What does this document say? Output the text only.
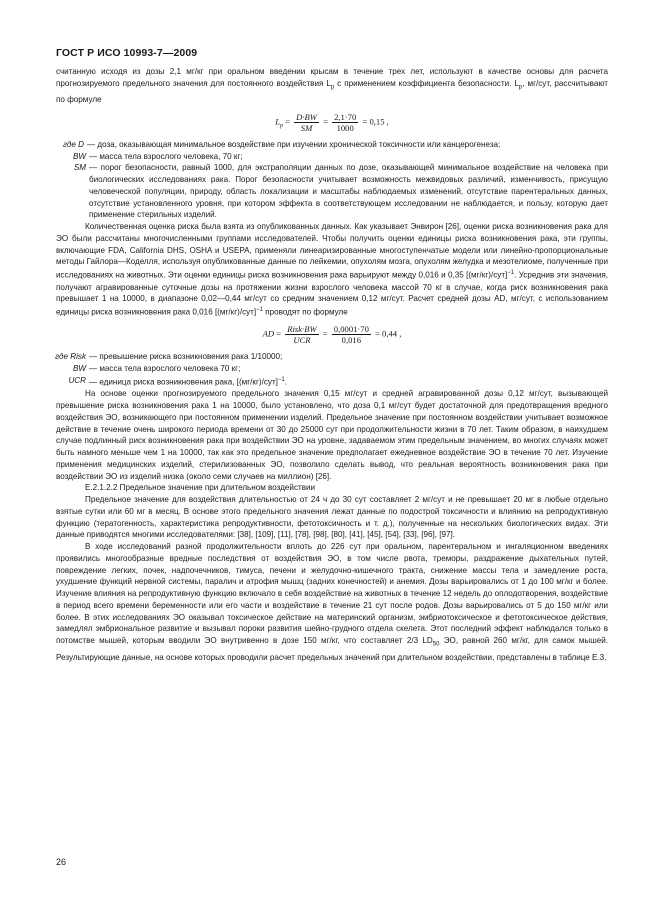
ГОСТ Р ИСО 10993-7—2009

считанную исходя из дозы 2,1 мг/кг при оральном введении крысам в течение трех лет, используют в качестве основы для расчета прогнозируемого предельного значения для постоянного воздействия $L_p$ с применением коэффициента безопасности. $L_p$, мг/сут, рассчитывают по формуле

$L_p = \frac{D\cdot BW}{SM} = \frac{2,1\cdot 70}{1000} = 0,15$ ,
где D — доза, оказывающая минимальное воздействие при изучении хронической токсичности или канцерогенеза;
BW — масса тела взрослого человека, 70 кг;
SM — порог безопасности, равный 1000, для экстраполяции данных по дозе, оказывающей минимальное воздействие на человека при биологических исследованиях рака. Порог безопасности учитывает возможность межвидовых различий, изменчивость, присущую человеческой популяции, природу, область локализации и масштабы наблюдаемых изменений, отсутствие парентеральных данных, отсутствие установленного уровня, при котором эффекта в соответствующем исследовании не наблюдается, и пользу, которую дает применение стерильных изделий.

Количественная оценка риска была взята из опубликованных данных. Как указывает Энвирон [26], оценки риска возникновения рака для ЭО были рассчитаны многочисленными группами исследователей. Чтобы получить оценки единицы риска возникновения рака, эти группы, включающие FDA, California DHS, OSHA и USEPA, применяли линеаризированные многоступенчатые модели или линейно-пропорциональные методы Гайлора—Коделля, используя опубликованные данные по лейкемии, опухолям мозга, опухолям желудка и мезотелиоме, полученные при исследованиях на животных. Эти оценки единицы риска возникновения рака варьируют между 0,016 и 0,35 $[(мг/кг)/сут]^{-1}$. Усреднив эти значения, получают агравированные суточные дозы на протяжении жизни взрослого человека массой 70 кг в случае, когда риск возникновения рака превышает 1 на 10000, в диапазоне 0,02—0,44 мг/сут со средним значением 0,12 мг/сут. Расчет средней дозы AD, мг/сут, с использованием единицы риска возникновения рака 0,016 $[(мг/кг)/сут]^{-1}$ проводят по формуле

AD = $\frac{\text{Risk·BW}}{\text{UCR}} = \frac{0,0001\cdot 70}{0,016} = 0,44$ ,
где Risk — превышение риска возникновения рака 1/10000;
BW — масса тела взрослого человека 70 кг;
UCR — единица риска возникновения рака, $[(мг/кг)/сут]^{-1}$.

На основе оценки прогнозируемого предельного значения 0,15 мг/сут и средней агравированной дозы 0,12 мг/сут, вызывающей превышение риска возникновения рака 1 на 10000, было установлено, что доза 0,1 мг/сут будет достаточной для предотвращения вредного воздействия ЭО, возникающего при постоянном применении изделий. Предельное значение при постоянном воздействии учитывает возможное действие в течение очень широкого периода времени от 30 до 25000 сут при продолжительности жизни в 70 лет. Таким образом, в наихудшем случае подлинный риск возникновения рака при воздействии ЭО на уровне, задаваемом этим предельным значением, во многих случаях может быть намного меньше чем 1 на 10000, так как это предельное значение предполагает ежедневное воздействие ЭО в течение 70 лет. Изучение применения медицинских изделий, стерилизованных ЭО, позволило сделать вывод, что реальная вероятность возникновения рака при воздействии ЭО из изделий низка (около семи случаев на миллион) [26].

Е.2.1.2.2 Предельное значение при длительном воздействии

Предельное значение для воздействия длительностью от 24 ч до 30 сут составляет 2 мг/сут и не превышает 20 мг в любые отдельно взятые сутки или 60 мг в месяц. В основе этого предельного значения лежат данные по подострой токсичности и влиянию на репродуктивную функцию (тератогенность, характеристика репродуктивности, фетотоксичность и т. д.), полученные на нескольких биологических видах. Эти данные приводятся многими исследователями: [38], [109], [11], [78], [98], [80], [41], [45], [54], [33], [96], [97].

В ходе исследований разной продолжительности вплоть до 226 сут при оральном, парентеральном и ингаляционном введениях проявились многообразные вредные последствия от воздействия ЭО, в том числе рвота, треморы, раздражение дыхательных путей, повреждение легких, почек, надпочечников, тимуса, печени и желудочно-кишечного тракта, снижение массы тела и замедление роста, ухудшение функций нервной системы, паралич и атрофия мышц (задних конечностей) и анемия. Дозы варьировались от 1 до 100 мг/кг и более. Изучение влияния на репродуктивную функцию включало в себя воздействие на животных в течение 12 недель до оплодотворения, воздействие в период всего времени беременности или его части и воздействие в течение 21 сут после родов. Дозы варьировались от 5 до 150 мг/кг или более. В этих исследованиях ЭО оказывал токсическое действие на материнский организм, эмбриотоксическое и фетотоксическое действия, замедлял эмбриональное развитие и вызывал пороки развития шейно-грудного отдела скелета. Этот последний эффект наблюдался только в потомстве мышей, которым вводили ЭО внутривенно в дозе 150 мг/кг, что составляет 2/3 $LD_{50}$ ЭО, равной 260 мг/кг, для самок мышей. Результирующие данные, на основе которых проводили расчет предельных значений при длительном воздействии, представлены в таблице Е.3.

26
